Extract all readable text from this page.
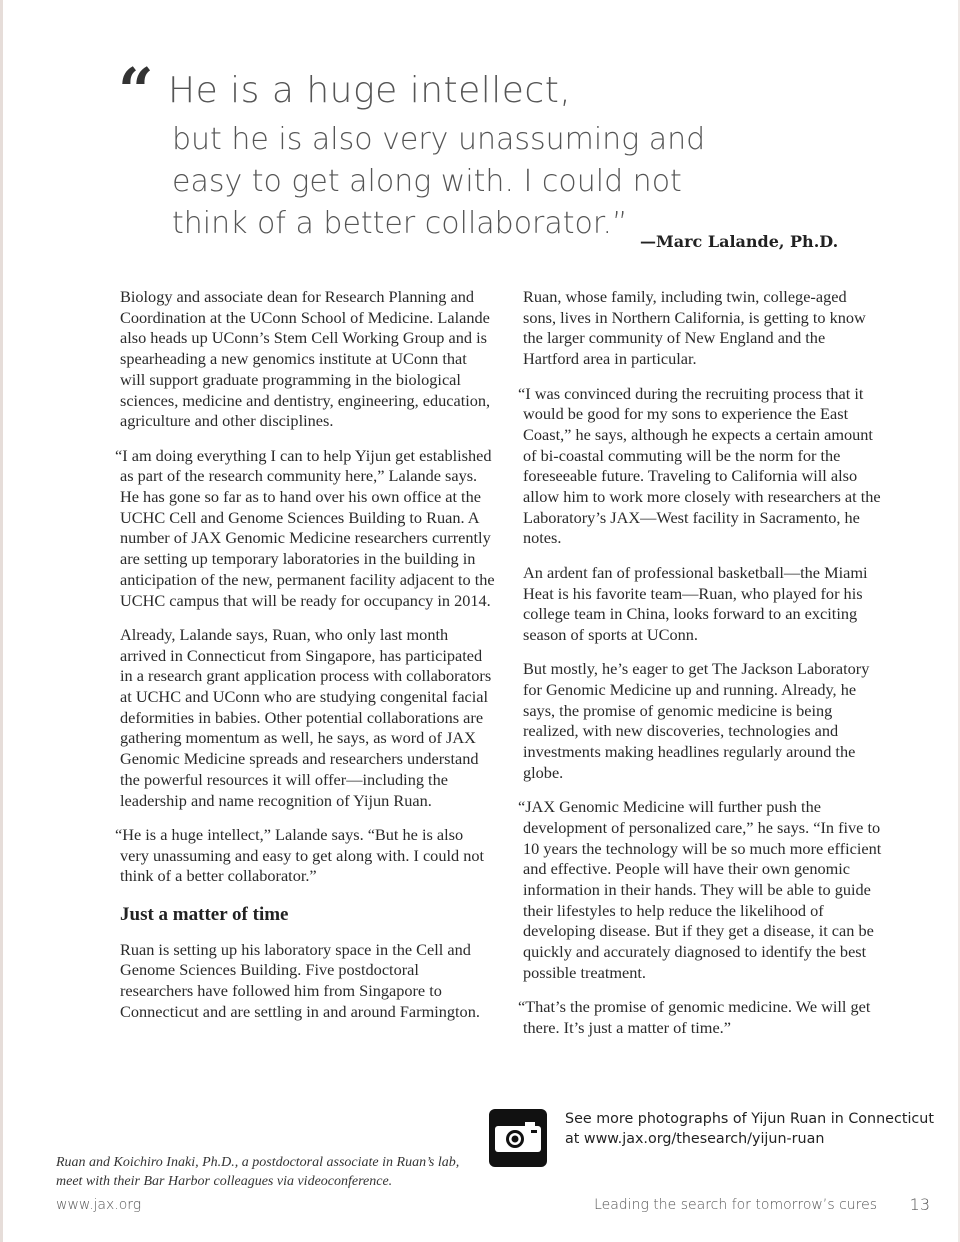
“ He is a huge intellect,
but he is also very unassuming and
easy to get along with. I could not
think of a better collaborator.”
—Marc Lalande, Ph.D.

Biology and associate dean for Research Planning and Coordination at the UConn School of Medicine. Lalande also heads up UConn’s Stem Cell Working Group and is spearheading a new genomics institute at UConn that will support graduate programming in the biological sciences, medicine and dentistry, engineering, education, agriculture and other disciplines.

“I am doing everything I can to help Yijun get established as part of the research community here,” Lalande says. He has gone so far as to hand over his own office at the UCHC Cell and Genome Sciences Building to Ruan. A number of JAX Genomic Medicine researchers currently are setting up temporary laboratories in the building in anticipation of the new, permanent facility adjacent to the UCHC campus that will be ready for occupancy in 2014.

Already, Lalande says, Ruan, who only last month arrived in Connecticut from Singapore, has participated in a research grant application process with collaborators at UCHC and UConn who are studying congenital facial deformities in babies. Other potential collaborations are gathering momentum as well, he says, as word of JAX Genomic Medicine spreads and researchers understand the powerful resources it will offer—including the leadership and name recognition of Yijun Ruan.

“He is a huge intellect,” Lalande says. “But he is also very unassuming and easy to get along with. I could not think of a better collaborator.”

Just a matter of time

Ruan is setting up his laboratory space in the Cell and Genome Sciences Building. Five postdoctoral researchers have followed him from Singapore to Connecticut and are settling in and around Farmington.

Ruan, whose family, including twin, college-aged sons, lives in Northern California, is getting to know the larger community of New England and the Hartford area in particular.

“I was convinced during the recruiting process that it would be good for my sons to experience the East Coast,” he says, although he expects a certain amount of bi-coastal commuting will be the norm for the foreseeable future. Traveling to California will also allow him to work more closely with researchers at the Laboratory’s JAX—West facility in Sacramento, he notes.

An ardent fan of professional basketball—the Miami Heat is his favorite team—Ruan, who played for his college team in China, looks forward to an exciting season of sports at UConn.

But mostly, he’s eager to get The Jackson Laboratory for Genomic Medicine up and running. Already, he says, the promise of genomic medicine is being realized, with new discoveries, technologies and investments making headlines regularly around the globe.

“JAX Genomic Medicine will further push the development of personalized care,” he says. “In five to 10 years the technology will be so much more efficient and effective. People will have their own genomic information in their hands. They will be able to guide their lifestyles to help reduce the likelihood of developing disease. But if they get a disease, it can be quickly and accurately diagnosed to identify the best possible treatment.

“That’s the promise of genomic medicine. We will get there. It’s just a matter of time.”

See more photographs of Yijun Ruan in Connecticut at www.jax.org/thesearch/yijun-ruan
Ruan and Koichiro Inaki, Ph.D., a postdoctoral associate in Ruan’s lab, meet with their Bar Harbor colleagues via videoconference.
www.jax.org	Leading the search for tomorrow’s cures 13
